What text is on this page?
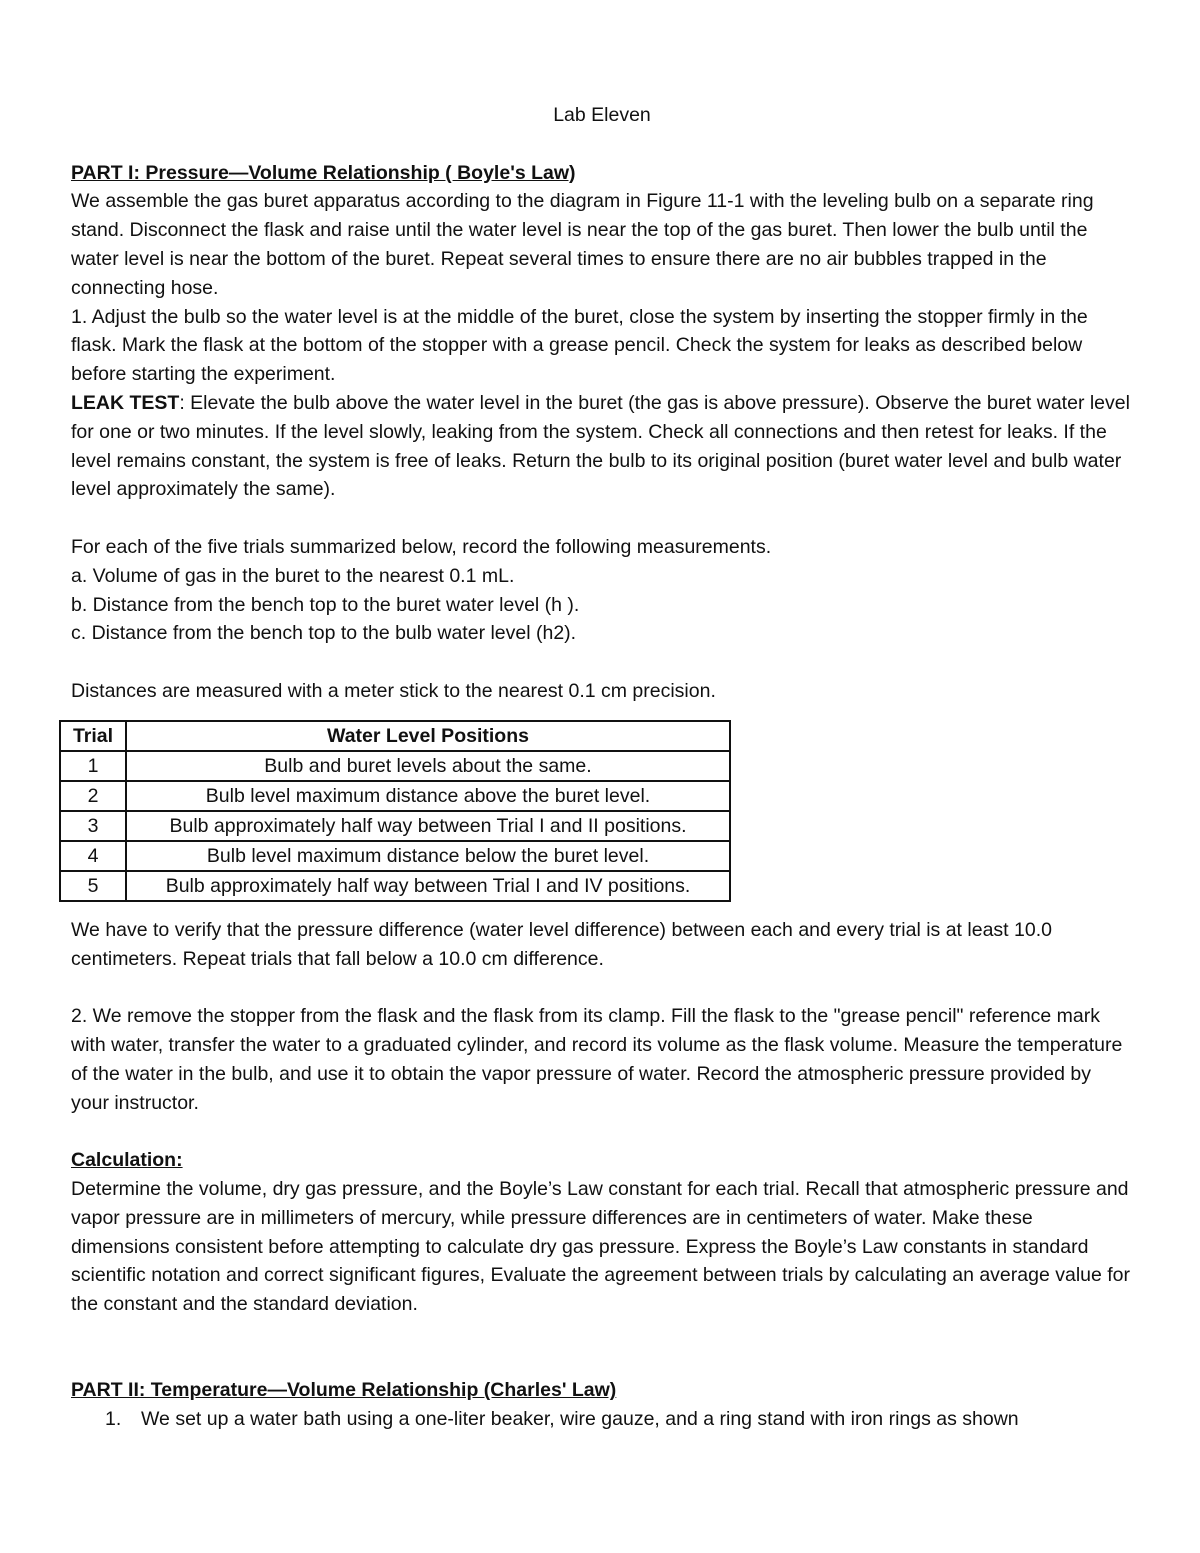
Lab Eleven

PART I: Pressure—Volume Relationship ( Boyle's Law)

We assemble the gas buret apparatus according to the diagram in Figure 11-1 with the leveling bulb on a separate ring stand. Disconnect the flask and raise until the water level is near the top of the gas buret. Then lower the bulb until the water level is near the bottom of the buret. Repeat several times to ensure there are no air bubbles trapped in the connecting hose.

1. Adjust the bulb so the water level is at the middle of the buret, close the system by inserting the stopper firmly in the flask. Mark the flask at the bottom of the stopper with a grease pencil. Check the system for leaks as described below before starting the experiment.

LEAK TEST: Elevate the bulb above the water level in the buret (the gas is above pressure). Observe the buret water level for one or two minutes. If the level slowly, leaking from the system. Check all connections and then retest for leaks. If the level remains constant, the system is free of leaks. Return the bulb to its original position (buret water level and bulb water level approximately the same).

For each of the five trials summarized below, record the following measurements.

a. Volume of gas in the buret to the nearest 0.1 mL.

b. Distance from the bench top to the buret water level (h ).

c. Distance from the bench top to the bulb water level (h2).

Distances are measured with a meter stick to the nearest 0.1 cm precision.

Trial	Water Level Positions
1	Bulb and buret levels about the same.
2	Bulb level maximum distance above the buret level.
3	Bulb approximately half way between Trial I and II positions.
4	Bulb level maximum distance below the buret level.
5	Bulb approximately half way between Trial I and IV positions.

We have to verify that the pressure difference (water level difference) between each and every trial is at least 10.0 centimeters. Repeat trials that fall below a 10.0 cm difference.

2. We remove the stopper from the flask and the flask from its clamp. Fill the flask to the "grease pencil" reference mark with water, transfer the water to a graduated cylinder, and record its volume as the flask volume. Measure the temperature of the water in the bulb, and use it to obtain the vapor pressure of water. Record the atmospheric pressure provided by your instructor.

Calculation:

Determine the volume, dry gas pressure, and the Boyle’s Law constant for each trial. Recall that atmospheric pressure and vapor pressure are in millimeters of mercury, while pressure differences are in centimeters of water. Make these dimensions consistent before attempting to calculate dry gas pressure. Express the Boyle’s Law constants in standard scientific notation and correct significant figures, Evaluate the agreement between trials by calculating an average value for the constant and the standard deviation.

PART II: Temperature—Volume Relationship (Charles' Law)

1. We set up a water bath using a one-liter beaker, wire gauze, and a ring stand with iron rings as shown
